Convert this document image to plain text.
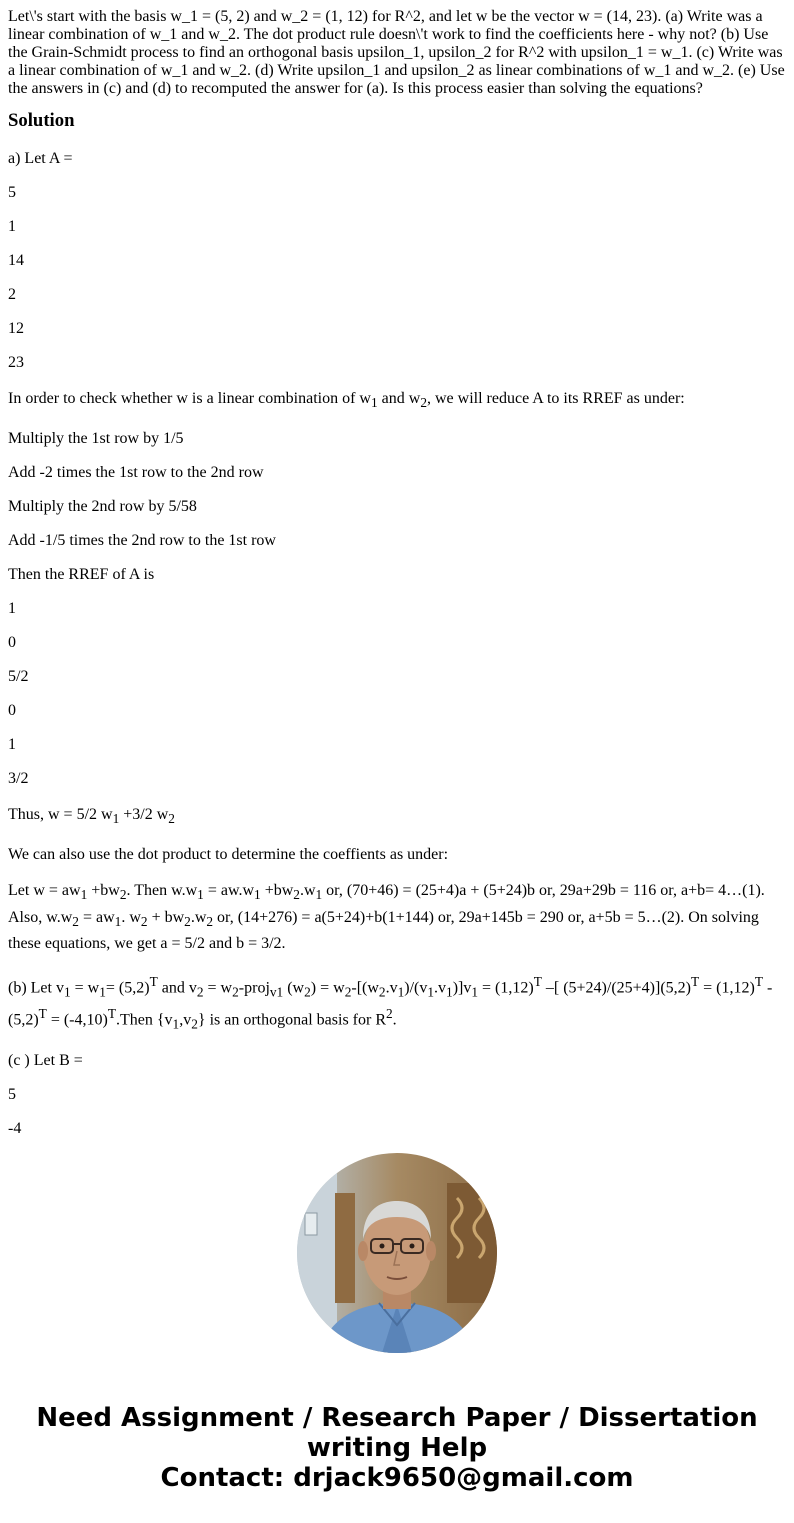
Let\'s start with the basis w_1 = (5, 2) and w_2 = (1, 12) for R^2, and let w be the vector w = (14, 23). (a) Write was a linear combination of w_1 and w_2. The dot product rule doesn\'t work to find the coefficients here - why not? (b) Use the Grain-Schmidt process to find an orthogonal basis upsilon_1, upsilon_2 for R^2 with upsilon_1 = w_1. (c) Write was a linear combination of w_1 and w_2. (d) Write upsilon_1 and upsilon_2 as linear combinations of w_1 and w_2. (e) Use the answers in (c) and (d) to recomputed the answer for (a). Is this process easier than solving the equations?

Solution

a) Let A =

5

1

14

2

12

23

In order to check whether w is a linear combination of $w_1$ and $w_2$, we will reduce A to its RREF as under:

Multiply the 1st row by 1/5

Add -2 times the 1st row to the 2nd row

Multiply the 2nd row by 5/58

Add -1/5 times the 2nd row to the 1st row

Then the RREF of A is

1

0

5/2

0

1

3/2

Thus, w = 5/2 $w_1 +3/2$ $w_2$

We can also use the dot product to determine the coeffients as under:

Let $w = aw_1 +bw_2$. Then $w.w_1 = aw.w_1 +bw_2.w_1$ or, (70+46) = (25+4)a + (5+24)b or, 29a+29b = 116 or, a+b= 4…(1). Also, $w.w_2 = aw_1$. $w_2 + bw_2.w_2$ or, (14+276) = a(5+24)+b(1+144) or, 29a+145b = 290 or, a+5b = 5…(2). On solving these equations, we get a = 5/2 and b = 3/2.

(b) Let $v_1 = w_1= (5,2)^T$ and $v_2$ = $w_2-proj_{v1}$ $(w_2) = w_2-[(w_2.v_1)/(v_1.v_1)]v_1 = (1,12)^T$ –[ $(5+24)/(25+4)](5,2)^T = (1,12)^T$ $-(5,2)^T$ = $(-4,10)^T.Then$ $\{v_1,v_2\}$ is an orthogonal basis for $R^2$.

(c ) Let B =

5

-4

Need Assignment / Research Paper / Dissertation
writing Help
Contact: drjack9650@gmail.com
